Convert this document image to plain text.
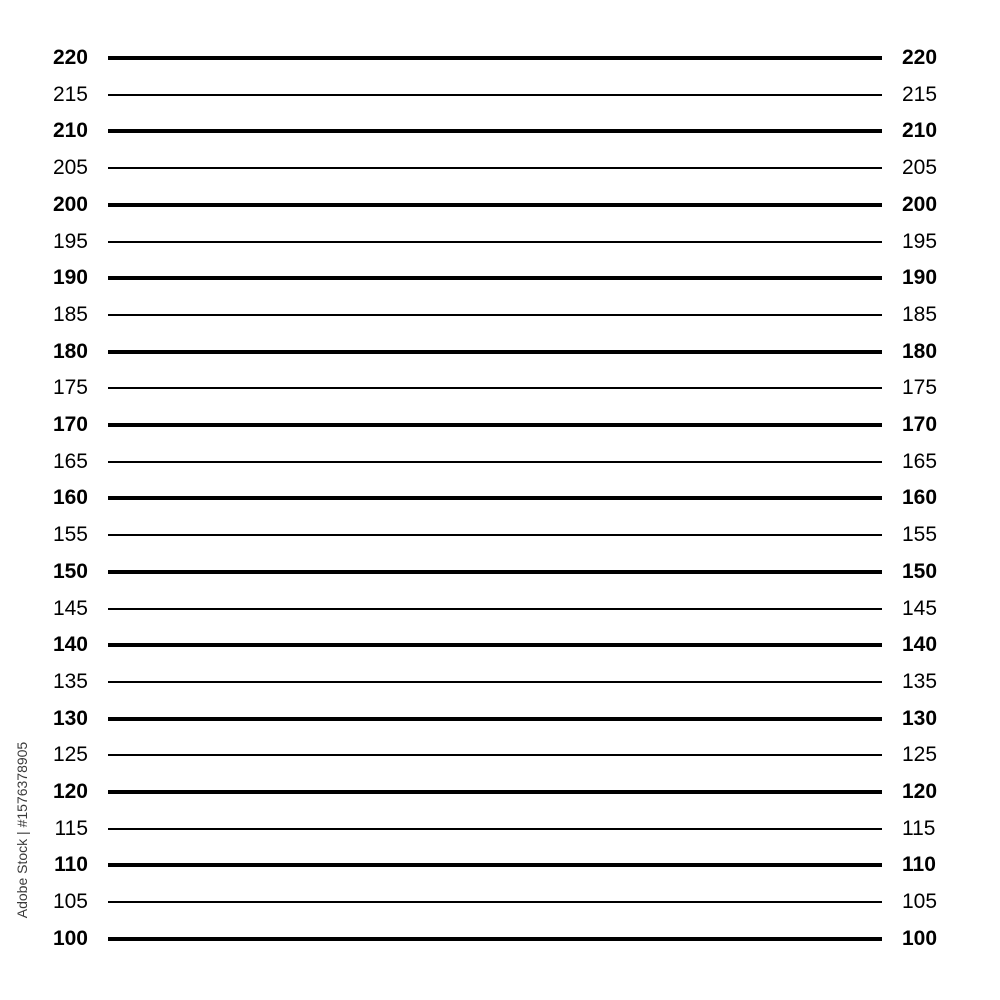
220	220
215	215
210	210
205	205
200	200
195	195
190	190
185	185
180	180
175	175
170	170
165	165
160	160
155	155
150	150
145	145
140	140
135	135
130	130
125	125
120	120
115	115
110	110
105	105
100	100
Adobe Stock | #1576378905
